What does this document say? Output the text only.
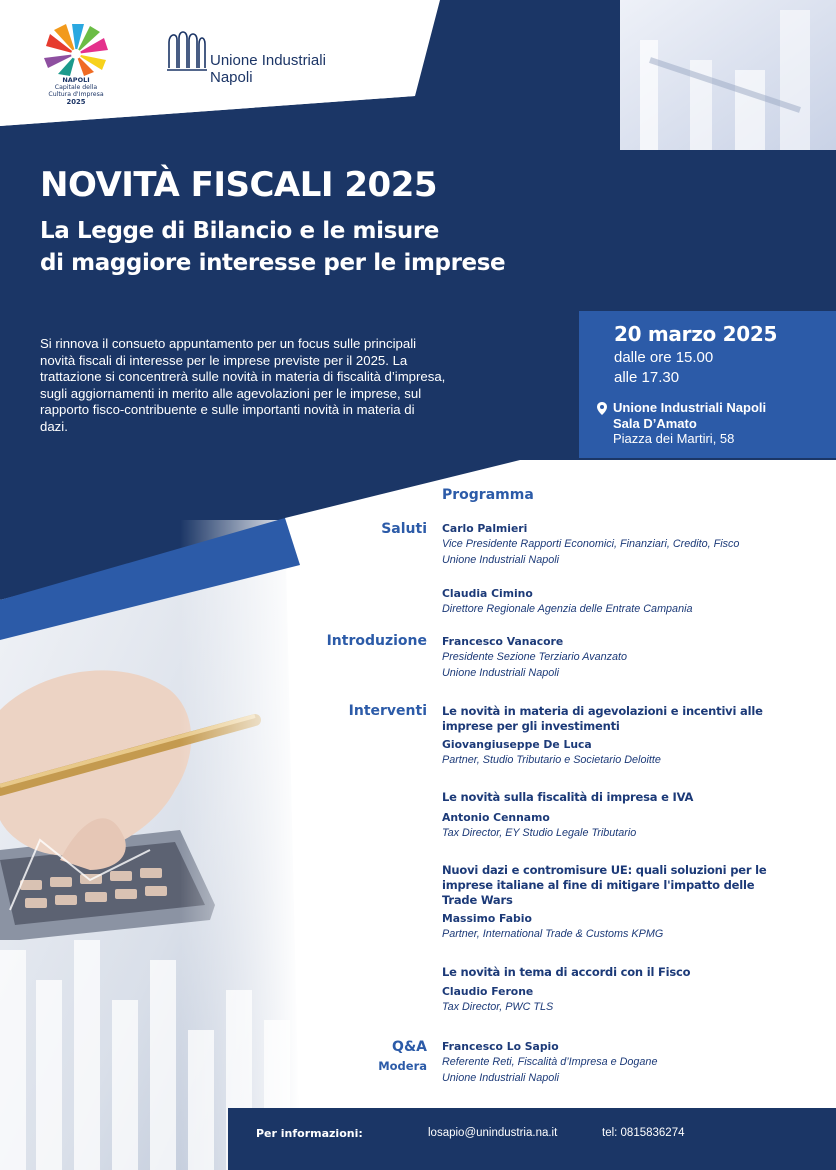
NAPOLI
Capitale della
Cultura d'Impresa
2025
Unione Industriali
Napoli
NOVITÀ FISCALI 2025
La Legge di Bilancio e le misure
di maggiore interesse per le imprese
Si rinnova il consueto appuntamento per un focus sulle principali
novità fiscali di interesse per le imprese previste per il 2025. La
trattazione si concentrerà sulle novità in materia di fiscalità d’impresa,
sugli aggiornamenti in merito alle agevolazioni per le imprese, sul
rapporto fisco-contribuente e sulle importanti novità in materia di
dazi.
20 marzo 2025
dalle ore 15.00
alle 17.30
Unione Industriali Napoli
Sala D’Amato
Piazza dei Martiri, 58
Programma
Saluti Carlo Palmieri
Vice Presidente Rapporti Economici, Finanziari, Credito, Fisco
Unione Industriali Napoli
Claudia Cimino
Direttore Regionale Agenzia delle Entrate Campania
Introduzione Francesco Vanacore
Presidente Sezione Terziario Avanzato
Unione Industriali Napoli
Interventi Le novità in materia di agevolazioni e incentivi alle
imprese per gli investimenti
Giovangiuseppe De Luca
Partner, Studio Tributario e Societario Deloitte
Le novità sulla fiscalità di impresa e IVA
Antonio Cennamo
Tax Director, EY Studio Legale Tributario
Nuovi dazi e contromisure UE: quali soluzioni per le
imprese italiane al fine di mitigare l'impatto delle
Trade Wars
Massimo Fabio
Partner, International Trade & Customs KPMG
Le novità in tema di accordi con il Fisco
Claudio Ferone
Tax Director, PWC TLS
Q&A
Modera
Francesco Lo Sapio
Referente Reti, Fiscalità d’Impresa e Dogane
Unione Industriali Napoli
Per informazioni:	losapio@unindustria.na.it	tel: 0815836274
